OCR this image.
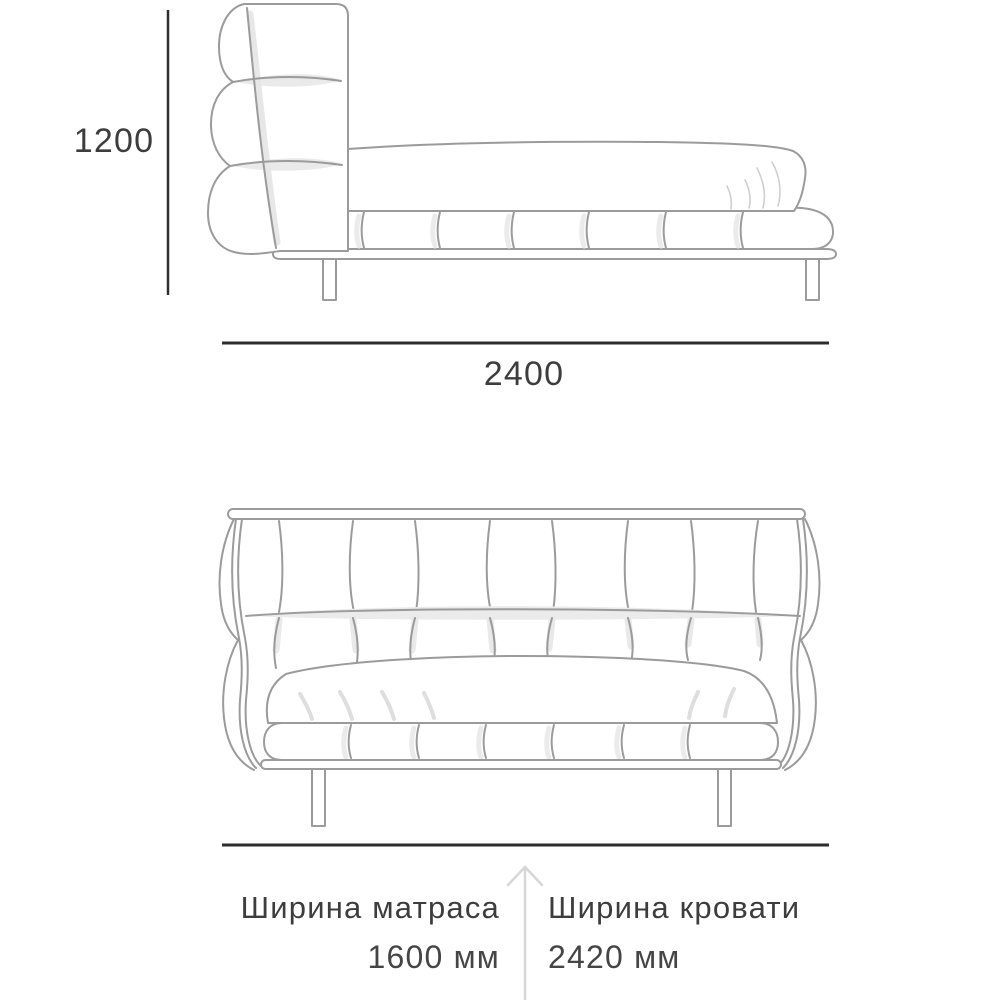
1200
2400
Ширина матраса
1600 мм
Ширина кровати
2420 мм
